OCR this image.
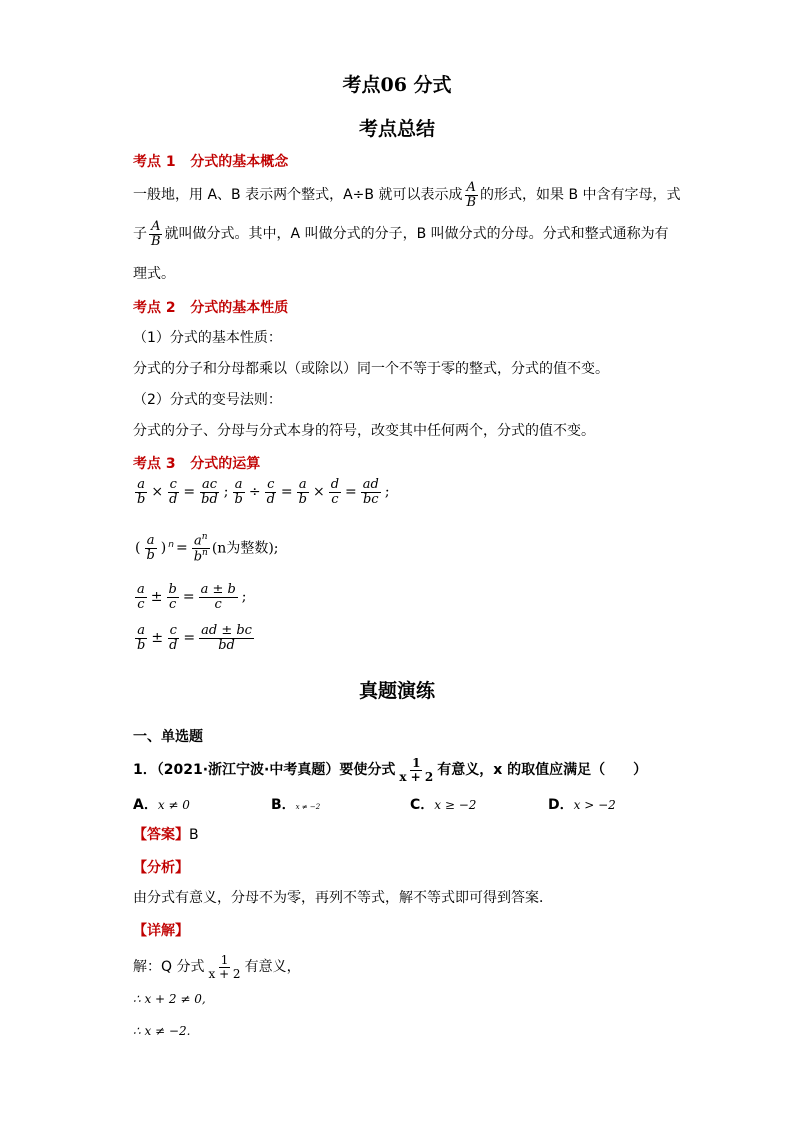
考点06 分式
考点总结
考点 1 分式的基本概念
一般地，用 A、B 表示两个整式，A÷B 就可以表示成 $\frac{A}{B}$ 的形式，如果 B 中含有字母，式
子 $\frac{A}{B}$ 就叫做分式。其中，A 叫做分式的分子，B 叫做分式的分母。分式和整式通称为有
理式。
考点 2 分式的基本性质
（1）分式的基本性质：
分式的分子和分母都乘以（或除以）同一个不等于零的整式，分式的值不变。
（2）分式的变号法则：
分式的分子、分母与分式本身的符号，改变其中任何两个，分式的值不变。
考点 3 分式的运算
$\frac{a}{b} \times \frac{c}{d} = \frac{ac}{bd}$ ; $\frac{a}{b} \div \frac{c}{d} = \frac{a}{b} \times \frac{d}{c} = \frac{ad}{bc}$ ;
( $\frac{a}{b}$ ) $^n = \frac{a^n}{b^n} (n$为整数);
$\frac{a}{c} \pm \frac{b}{c} = \frac{a \pm b}{c}$ ;
$\frac{a}{b} \pm \frac{c}{d} = \frac{ad \pm bc}{bd}$
真题演练
一、单选题
1．（2021·浙江宁波·中考真题）要使分式 $\frac{1}{x + 2}$ 有意义，x 的取值应满足（　　）
A．x ≠ 0	B．x ≠ −2	C．x ≥ −2	D．x > −2
【答案】B
【分析】
由分式有意义，分母不为零，再列不等式，解不等式即可得到答案．
【详解】
解：Q 分式 $\frac{1}{x + 2}$ 有意义，
∴ x + 2 ≠ 0,
∴ x ≠ −2.
